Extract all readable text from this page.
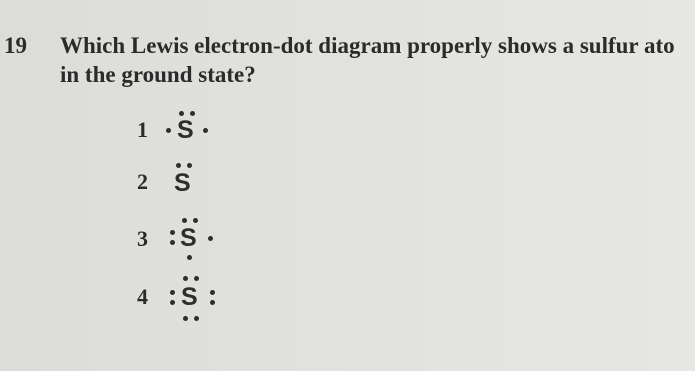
19 Which Lewis electron-dot diagram properly shows a sulfur ato
in the ground state?
1 S
2 S
3 S
4 S
